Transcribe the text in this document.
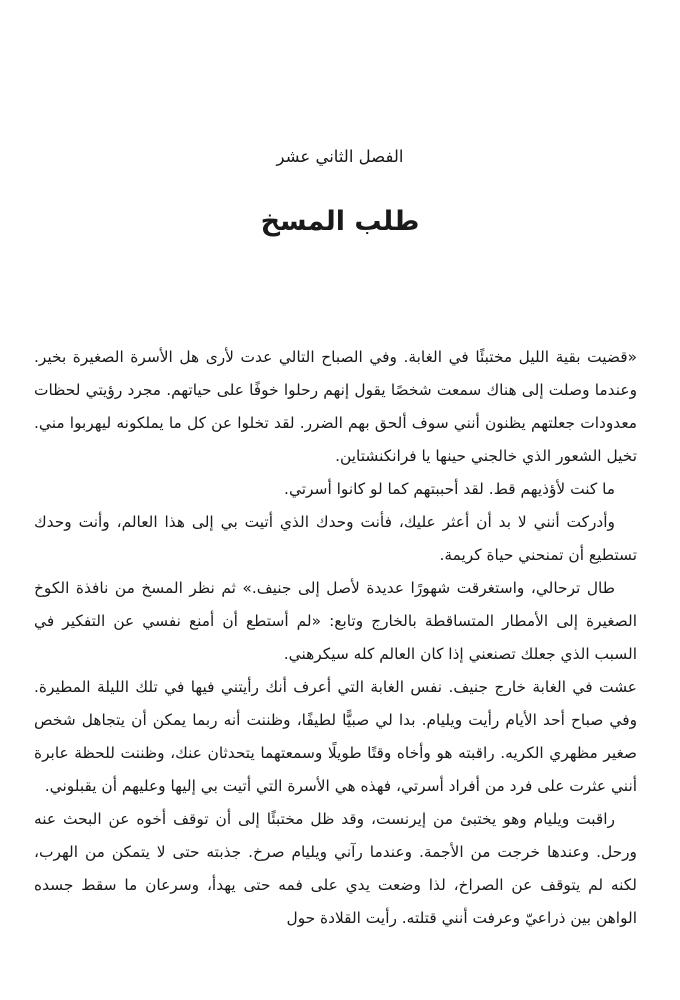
الفصل الثاني عشر
طلب المسخ

«قضيت بقية الليل مختبئًا في الغابة. وفي الصباح التالي عدت لأرى هل الأسرة الصغيرة بخير. وعندما وصلت إلى هناك سمعت شخصًا يقول إنهم رحلوا خوفًا على حياتهم. مجرد رؤيتي لحظات معدودات جعلتهم يظنون أنني سوف ألحق بهم الضرر. لقد تخلوا عن كل ما يملكونه ليهربوا مني. تخيل الشعور الذي خالجني حينها يا فرانكنشتاين.

ما كنت لأؤذيهم قط. لقد أحببتهم كما لو كانوا أسرتي.

وأدركت أنني لا بد أن أعثر عليك، فأنت وحدك الذي أتيت بي إلى هذا العالم، وأنت وحدك تستطيع أن تمنحني حياة كريمة.

طال ترحالي، واستغرقت شهورًا عديدة لأصل إلى جنيف.» ثم نظر المسخ من نافذة الكوخ الصغيرة إلى الأمطار المتساقطة بالخارج وتابع: «لم أستطع أن أمنع نفسي عن التفكير في السبب الذي جعلك تصنعني إذا كان العالم كله سيكرهني.

عشت في الغابة خارج جنيف. نفس الغابة التي أعرف أنك رأيتني فيها في تلك الليلة المطيرة. وفي صباح أحد الأيام رأيت ويليام. بدا لي صبيًّا لطيفًا، وظننت أنه ربما يمكن أن يتجاهل شخص صغير مظهري الكريه. راقبته هو وأخاه وقتًا طويلًا وسمعتهما يتحدثان عنك، وظننت للحظة عابرة أنني عثرت على فرد من أفراد أسرتي، فهذه هي الأسرة التي أتيت بي إليها وعليهم أن يقبلوني.

راقبت ويليام وهو يختبئ من إيرنست، وقد ظل مختبئًا إلى أن توقف أخوه عن البحث عنه ورحل. وعندها خرجت من الأجمة. وعندما رآني ويليام صرخ. جذبته حتى لا يتمكن من الهرب، لكنه لم يتوقف عن الصراخ، لذا وضعت يدي على فمه حتى يهدأ، وسرعان ما سقط جسده الواهن بين ذراعيّ وعرفت أنني قتلته. رأيت القلادة حول
